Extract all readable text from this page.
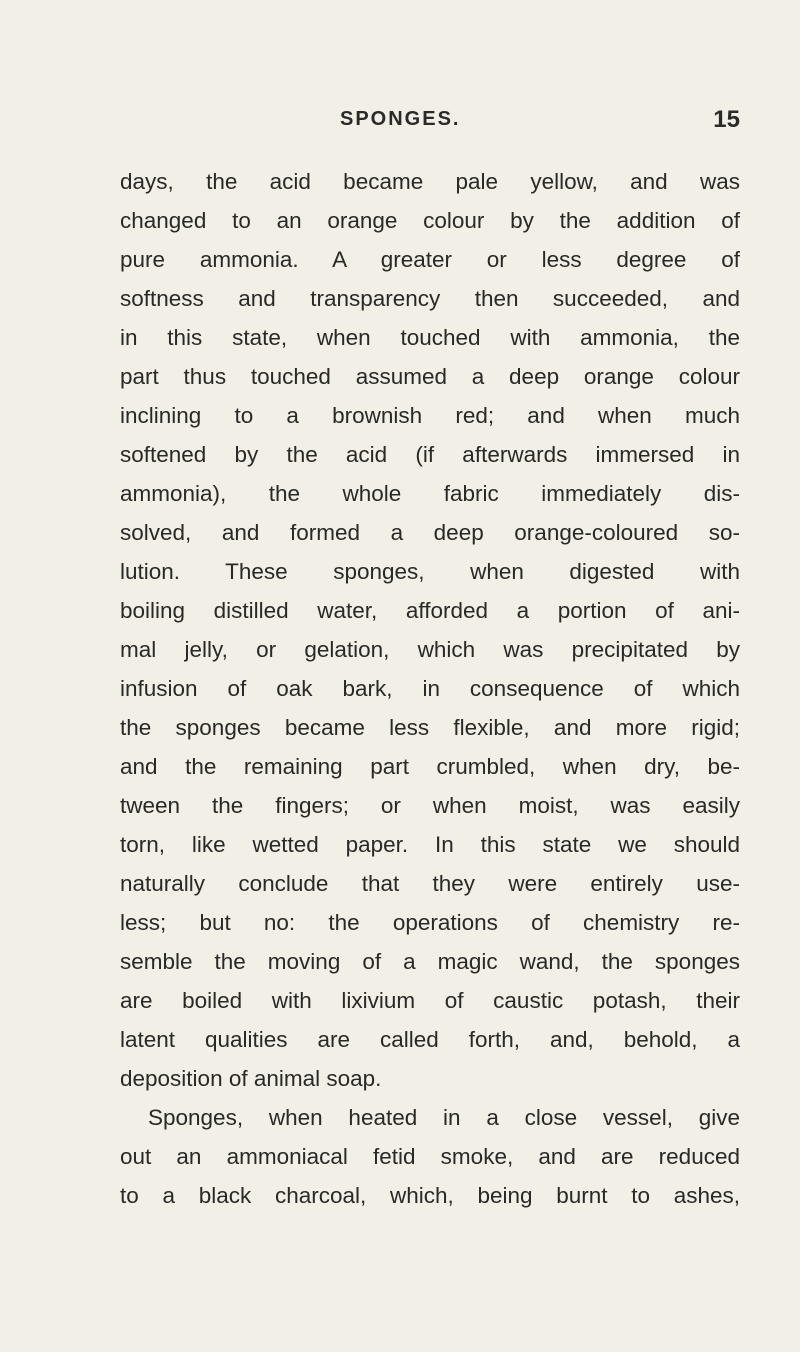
SPONGES.	15
days, the acid became pale yellow, and was
changed to an orange colour by the addition of
pure ammonia. A greater or less degree of
softness and transparency then succeeded, and
in this state, when touched with ammonia, the
part thus touched assumed a deep orange colour
inclining to a brownish red; and when much
softened by the acid (if afterwards immersed in
ammonia), the whole fabric immediately dis-
solved, and formed a deep orange-coloured so-
lution. These sponges, when digested with
boiling distilled water, afforded a portion of ani-
mal jelly, or gelation, which was precipitated by
infusion of oak bark, in consequence of which
the sponges became less flexible, and more rigid;
and the remaining part crumbled, when dry, be-
tween the fingers; or when moist, was easily
torn, like wetted paper. In this state we should
naturally conclude that they were entirely use-
less; but no: the operations of chemistry re-
semble the moving of a magic wand, the sponges
are boiled with lixivium of caustic potash, their
latent qualities are called forth, and, behold, a
deposition of animal soap.
Sponges, when heated in a close vessel, give
out an ammoniacal fetid smoke, and are reduced
to a black charcoal, which, being burnt to ashes,
